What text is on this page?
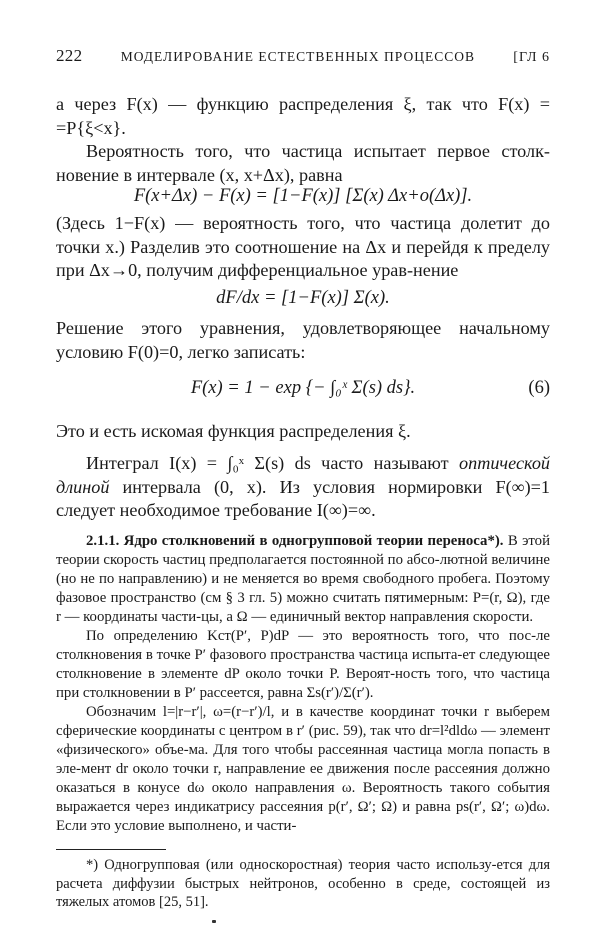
222	МОДЕЛИРОВАНИЕ ЕСТЕСТВЕННЫХ ПРОЦЕССОВ	[ГЛ 6

а через F(x) — функцию распределения ξ, так что F(x) = =P{ξ<x}.

Вероятность того, что частица испытает первое столк-новение в интервале (x, x+Δx), равна

F(x+Δx) − F(x) = [1−F(x)] [Σ(x) Δx+o(Δx)].

(Здесь 1−F(x) — вероятность того, что частица долетит до точки x.) Разделив это соотношение на Δx и перейдя к пределу при Δx→0, получим дифференциальное урав-нение

dF/dx = [1−F(x)] Σ(x).

Решение этого уравнения, удовлетворяющее начальному условию F(0)=0, легко записать:

F(x) = 1 − exp {− ∫₀ˣ Σ(s) ds}.	(6)

Это и есть искомая функция распределения ξ.

Интеграл I(x) = ∫₀ˣ Σ(s) ds часто называют оптической длиной интервала (0, x). Из условия нормировки F(∞)=1 следует необходимое требование I(∞)=∞.

2.1.1. Ядро столкновений в одногрупповой теории переноса*). В этой теории скорость частиц предполагается постоянной по абсо-лютной величине (но не по направлению) и не меняется во время свободного пробега. Поэтому фазовое пространство (см § 3 гл. 5) можно считать пятимерным: P=(r, Ω), где r — координаты части-цы, а Ω — единичный вектор направления скорости.

По определению Kст(P′, P)dP — это вероятность того, что пос-ле столкновения в точке P′ фазового пространства частица испыта-ет следующее столкновение в элементе dP около точки P. Вероят-ность того, что частица при столкновении в P′ рассеется, равна Σs(r′)/Σ(r′).

Обозначим l=|r−r′|, ω=(r−r′)/l, и в качестве координат точки r выберем сферические координаты с центром в r′ (рис. 59), так что dr=l²dldω — элемент «физического» объе-ма. Для того чтобы рассеянная частица могла попасть в эле-мент dr около точки r, направление ее движения после рассеяния должно оказаться в конусе dω около направления ω. Вероятность такого события выражается через индикатрису рассеяния p(r′, Ω′; Ω) и равна ps(r′, Ω′; ω)dω. Если это условие выполнено, и части-

*) Одногрупповая (или односкоростная) теория часто использу-ется для расчета диффузии быстрых нейтронов, особенно в среде, состоящей из тяжелых атомов [25, 51].
